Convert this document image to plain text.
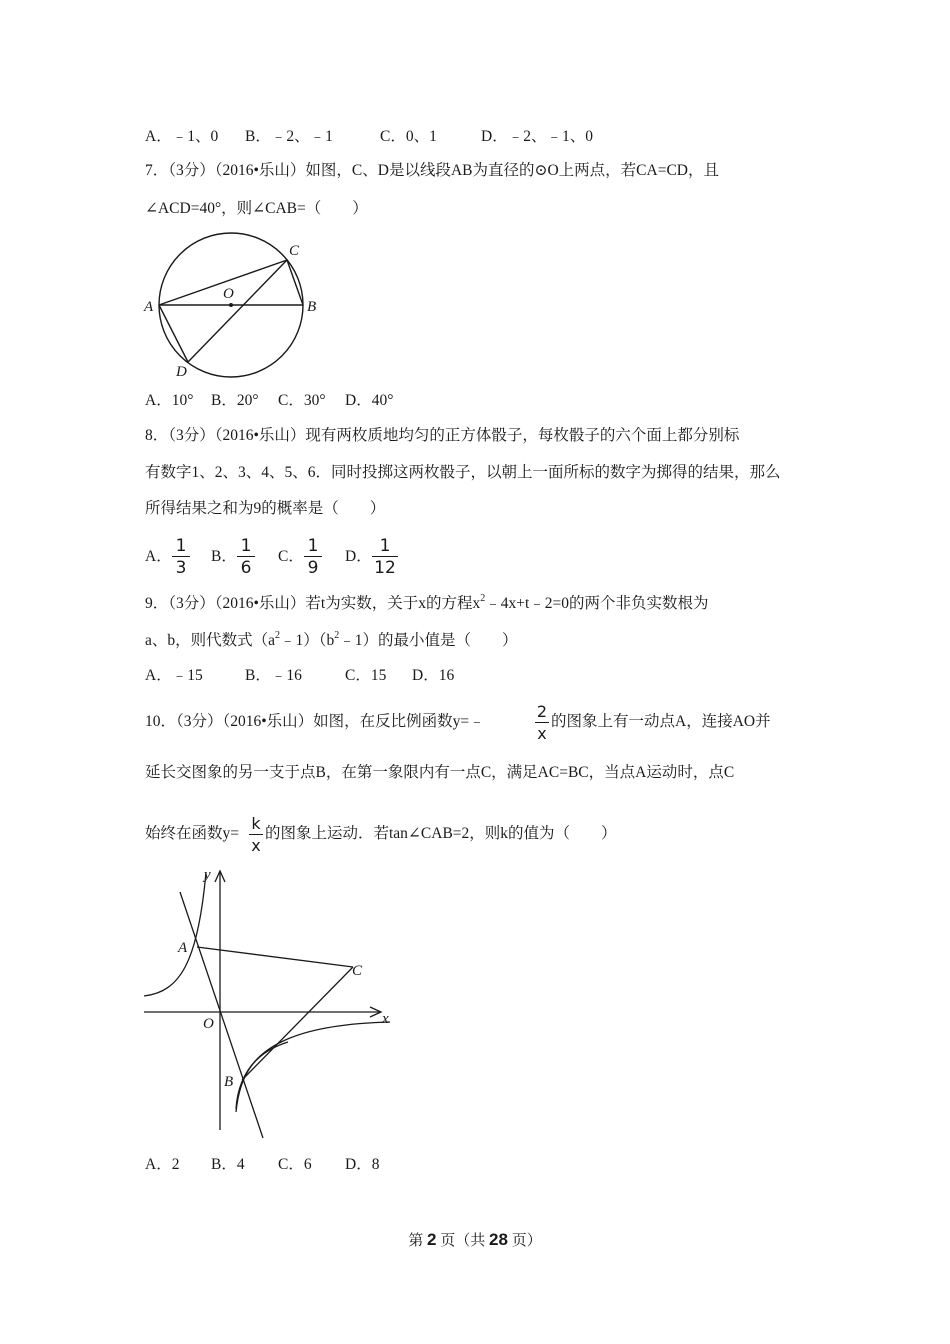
A．﹣1、0 B．﹣2、﹣1	C．0、1	D．﹣2、﹣1、0
7．（3分）（2016•乐山）如图，C、D是以线段AB为直径的⊙O上两点，若CA=CD，且
∠ACD=40°，则∠CAB=（　　）
A	B
C
D
O
A．10° B．20° C．30° D．40°
8．（3分）（2016•乐山）现有两枚质地均匀的正方体骰子，每枚骰子的六个面上都分别标
有数字1、2、3、4、5、6．同时投掷这两枚骰子，以朝上一面所标的数字为掷得的结果，那么
所得结果之和为9的概率是（　　）
A．
1
3
B．
1
6
C．
1
9
D．
1
12
9．（3分）（2016•乐山）若t为实数，关于x的方程$x^2﹣4x+t﹣2=0$的两个非负实数根为
a、b，则代数式$(a^2﹣1)(b^2﹣1)$的最小值是（　　）
A．﹣15	B．﹣16	C．15 D．16
10．（3分）（2016•乐山）如图，在反比例函数y=﹣
2
x
的图象上有一动点A，连接AO并
延长交图象的另一支于点B，在第一象限内有一点C，满足AC=BC，当点A运动时，点C
始终在函数y=
k
x
的图象上运动．若tan∠CAB=2，则k的值为（　　）
y
x
A
B
C
O
A．2 B．4 C．6 D．8
第 2 页（共 28 页）
